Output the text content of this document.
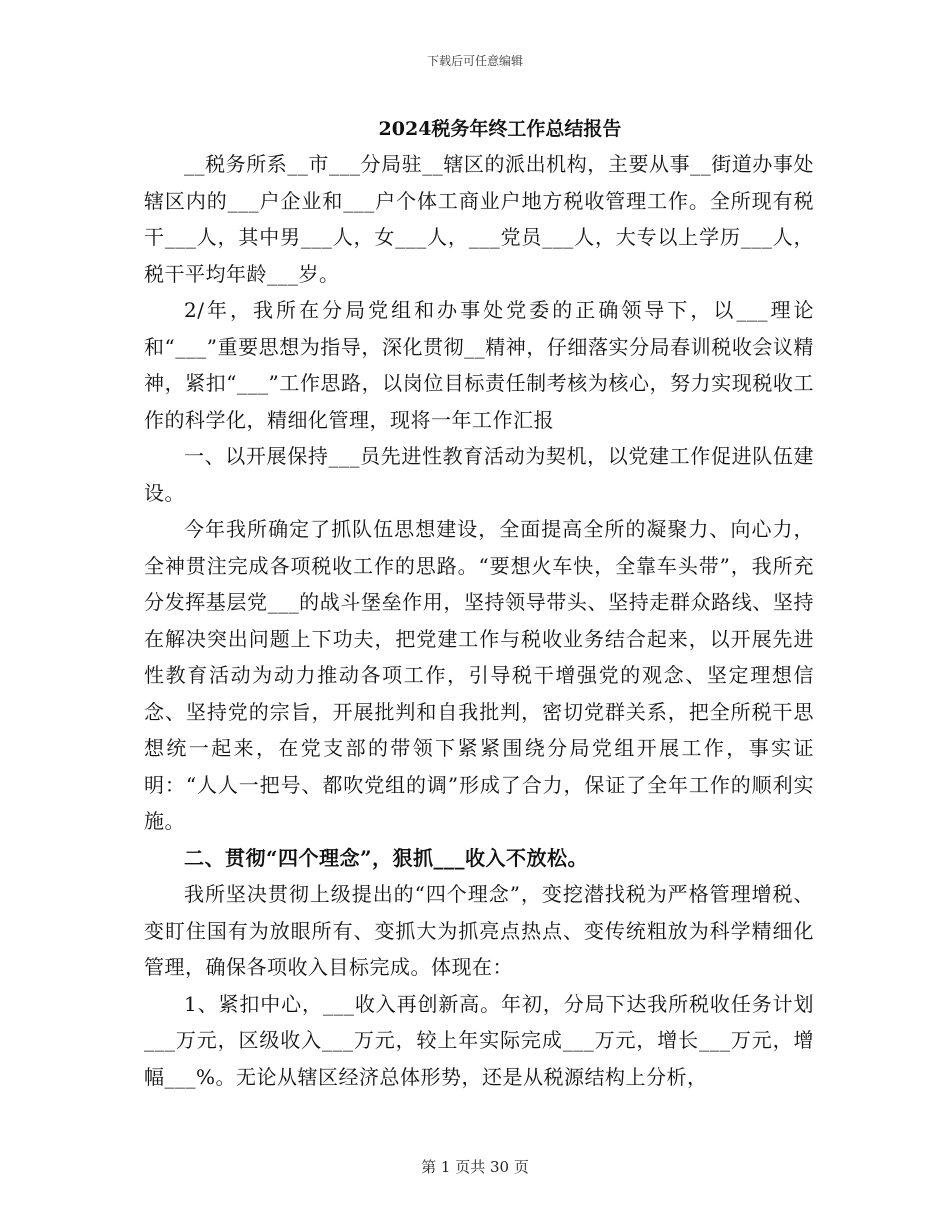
下载后可任意编辑
2024税务年终工作总结报告

__税务所系__市___分局驻__辖区的派出机构，主要从事__街道办事处辖区内的___户企业和___户个体工商业户地方税收管理工作。全所现有税干___人，其中男___人，女___人，___党员___人，大专以上学历___人，税干平均年龄___岁。

2/年，我所在分局党组和办事处党委的正确领导下，以___理论和“___”重要思想为指导，深化贯彻__精神，仔细落实分局春训税收会议精神，紧扣“___”工作思路，以岗位目标责任制考核为核心，努力实现税收工作的科学化，精细化管理，现将一年工作汇报

一、以开展保持___员先进性教育活动为契机，以党建工作促进队伍建设。

今年我所确定了抓队伍思想建设，全面提高全所的凝聚力、向心力，全神贯注完成各项税收工作的思路。“要想火车快，全靠车头带”，我所充分发挥基层党___的战斗堡垒作用，坚持领导带头、坚持走群众路线、坚持在解决突出问题上下功夫，把党建工作与税收业务结合起来，以开展先进性教育活动为动力推动各项工作，引导税干增强党的观念、坚定理想信念、坚持党的宗旨，开展批判和自我批判，密切党群关系，把全所税干思想统一起来，在党支部的带领下紧紧围绕分局党组开展工作，事实证明：“人人一把号、都吹党组的调”形成了合力，保证了全年工作的顺利实施。

二、贯彻“四个理念”，狠抓___收入不放松。

我所坚决贯彻上级提出的“四个理念”，变挖潜找税为严格管理增税、变盯住国有为放眼所有、变抓大为抓亮点热点、变传统粗放为科学精细化管理，确保各项收入目标完成。体现在：

1、紧扣中心，___收入再创新高。年初，分局下达我所税收任务计划___万元，区级收入___万元，较上年实际完成___万元，增长___万元，增幅___%。无论从辖区经济总体形势，还是从税源结构上分析，

第 1 页共 30 页
